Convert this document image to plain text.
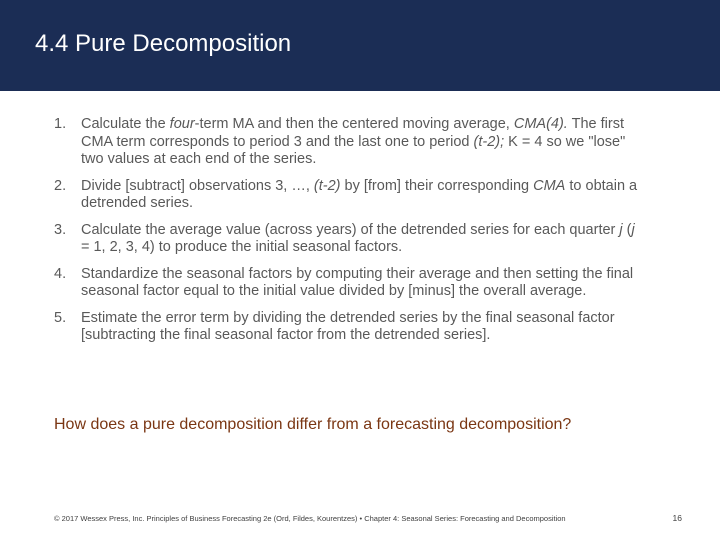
4.4 Pure Decomposition
1. Calculate the four-term MA and then the centered moving average, CMA(4). The first CMA term corresponds to period 3 and the last one to period (t-2); K = 4 so we "lose" two values at each end of the series.
2. Divide [subtract] observations 3, …, (t-2) by [from] their corresponding CMA to obtain a detrended series.
3. Calculate the average value (across years) of the detrended series for each quarter j (j = 1, 2, 3, 4) to produce the initial seasonal factors.
4. Standardize the seasonal factors by computing their average and then setting the final seasonal factor equal to the initial value divided by [minus] the overall average.
5. Estimate the error term by dividing the detrended series by the final seasonal factor [subtracting the final seasonal factor from the detrended series].
How does a pure decomposition differ from a forecasting decomposition?
© 2017 Wessex Press, Inc. Principles of Business Forecasting 2e (Ord, Fildes, Kourentzes) • Chapter 4: Seasonal Series: Forecasting and Decomposition	16
